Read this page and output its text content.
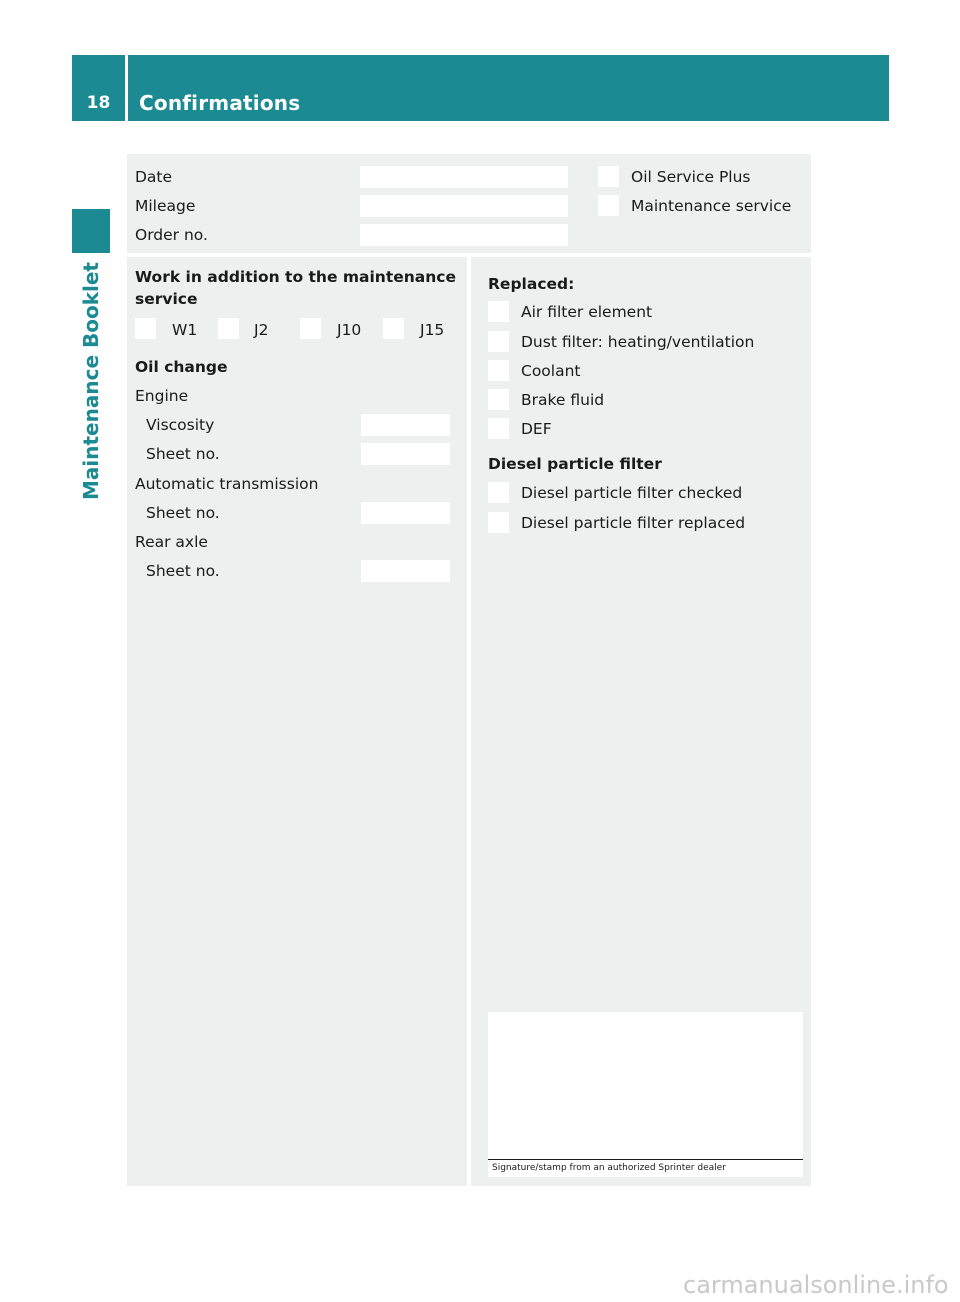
18	Confirmations
Maintenance Booklet
Date
Mileage
Order no.
Oil Service Plus
Maintenance service
Work in addition to the maintenance
service
W1	J2	J10	J15
Oil change
Engine
Viscosity
Sheet no.
Automatic transmission
Sheet no.
Rear axle
Sheet no.
Replaced:
Air filter element
Dust filter: heating/ventilation
Coolant
Brake fluid
DEF
Diesel particle filter
Diesel particle filter checked
Diesel particle filter replaced
Signature/stamp from an authorized Sprinter dealer
carmanualsonline.info
